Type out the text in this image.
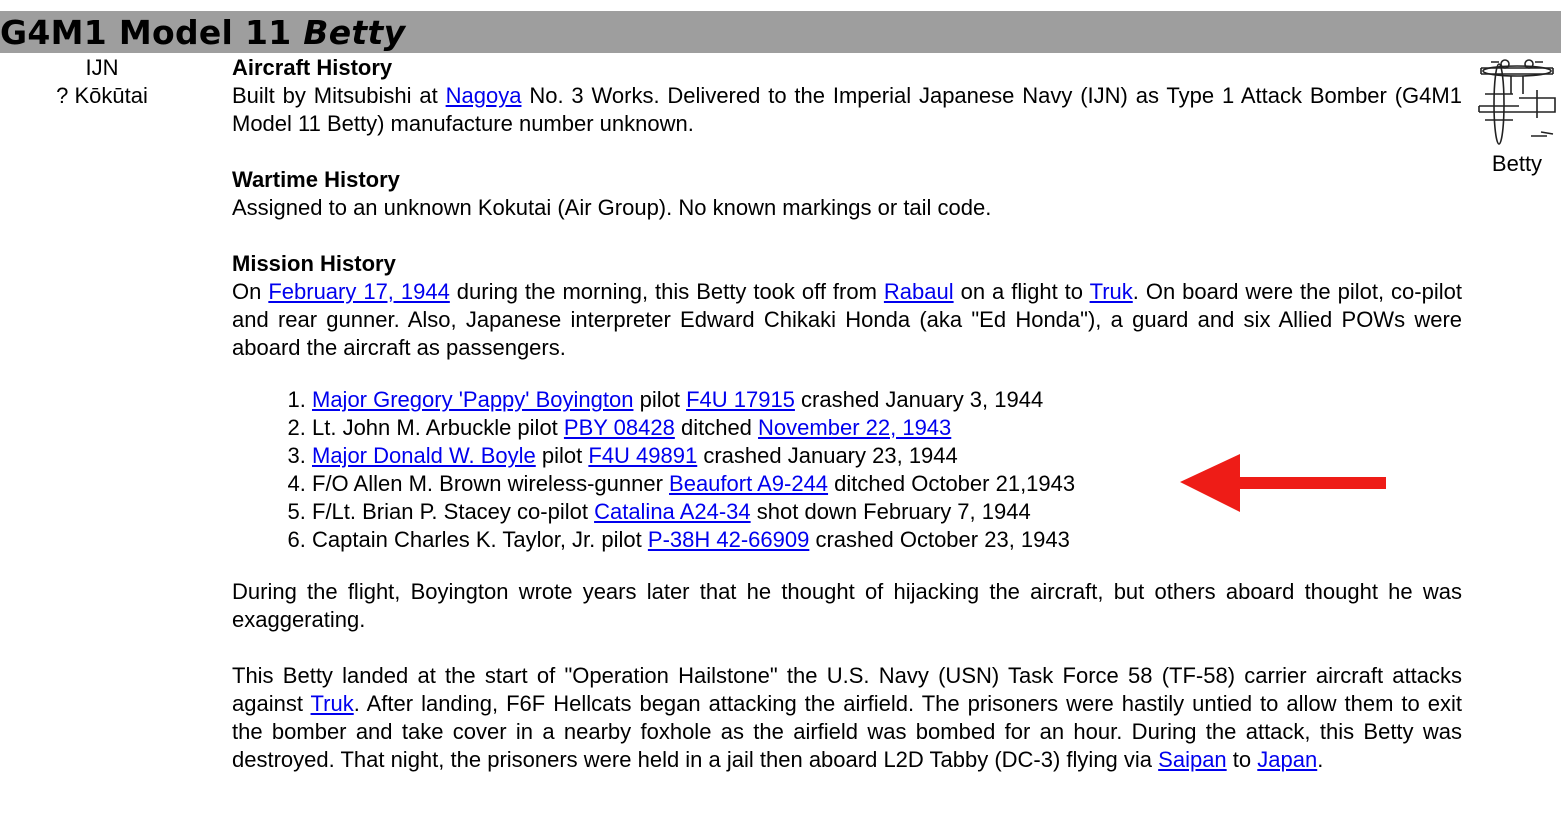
G4M1 Model 11 Betty
IJN
? Kōkūtai
Aircraft History

Built by Mitsubishi at Nagoya No. 3 Works. Delivered to the Imperial Japanese Navy (IJN) as Type 1 Attack Bomber (G4M1 Model 11 Betty) manufacture number unknown.

Wartime History

Assigned to an unknown Kokutai (Air Group). No known markings or tail code.

Mission History

On February 17, 1944 during the morning, this Betty took off from Rabaul on a flight to Truk. On board were the pilot, co-pilot and rear gunner. Also, Japanese interpreter Edward Chikaki Honda (aka "Ed Honda"), a guard and six Allied POWs were aboard the aircraft as passengers.

1. Major Gregory 'Pappy' Boyington pilot F4U 17915 crashed January 3, 1944
2. Lt. John M. Arbuckle pilot PBY 08428 ditched November 22, 1943
3. Major Donald W. Boyle pilot F4U 49891 crashed January 23, 1944
4. F/O Allen M. Brown wireless-gunner Beaufort A9-244 ditched October 21,1943
5. F/Lt. Brian P. Stacey co-pilot Catalina A24-34 shot down February 7, 1944
6. Captain Charles K. Taylor, Jr. pilot P-38H 42-66909 crashed October 23, 1943

During the flight, Boyington wrote years later that he thought of hijacking the aircraft, but others aboard thought he was exaggerating.

This Betty landed at the start of "Operation Hailstone" the U.S. Navy (USN) Task Force 58 (TF-58) carrier aircraft attacks against Truk. After landing, F6F Hellcats began attacking the airfield. The prisoners were hastily untied to allow them to exit the bomber and take cover in a nearby foxhole as the airfield was bombed for an hour. During the attack, this Betty was destroyed. That night, the prisoners were held in a jail then aboard L2D Tabby (DC-3) flying via Saipan to Japan.

Betty
